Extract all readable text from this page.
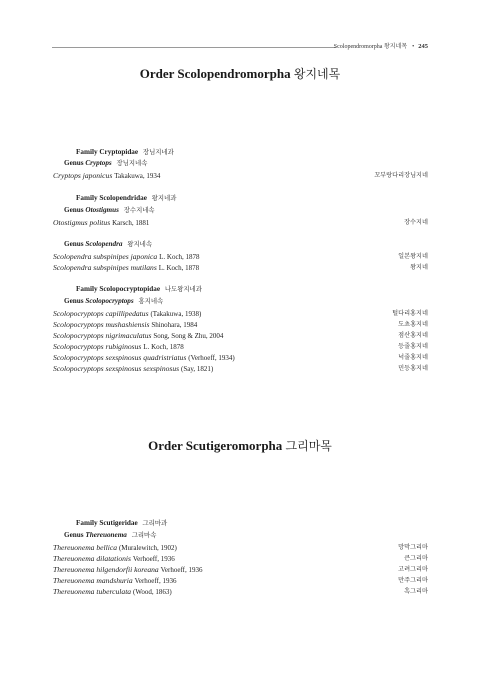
Scolopendromorpha 왕지네목 • 245
Order Scolopendromorpha 왕지네목
Family Cryptopidae 장님지네과
Genus Cryptops 장님지네속
Cryptops japonicus Takakuwa, 1934	꼬부랑다리장님지네
Family Scolopendridae 왕지네과
Genus Otostigmus 장수지네속
Otostigmus politus Karsch, 1881	장수지네
Genus Scolopendra 왕지네속
Scolopendra subspinipes japonica L. Koch, 1878	일본왕지네
Scolopendra subspinipes mutilans L. Koch, 1878	왕지네
Family Scolopocryptopidae 나도왕지네과
Genus Scolopocryptops 홍지네속
Scolopocryptops capillipedatus (Takakuwa, 1938)	털다리홍지네
Scolopocryptops mushashiensis Shinohara, 1984	도쵸홍지네
Scolopocryptops nigrimaculatus Song, Song & Zhu, 2004	점산홍지네
Scolopocryptops rubiginosus L. Koch, 1878	등줄홍지네
Scolopocryptops sexspinosus quadristriatus (Verhoeff, 1934)	넉줄홍지네
Scolopocryptops sexspinosus sexspinosus (Say, 1821)	민등홍지네
Order Scutigeromorpha 그리마목
Family Scutigeridae 그리마과
Genus Thereuonema 그리마속
Thereuonema bellica (Muralewitch, 1902)	망막그리마
Thereuonema dilatationis Verhoeff, 1936	큰그리마
Thereuonema hilgendorfii koreana Verhoeff, 1936	고려그리마
Thereuonema mandshuria Verhoeff, 1936	만주그리마
Thereuonema tuberculata (Wood, 1863)	흑그리마
